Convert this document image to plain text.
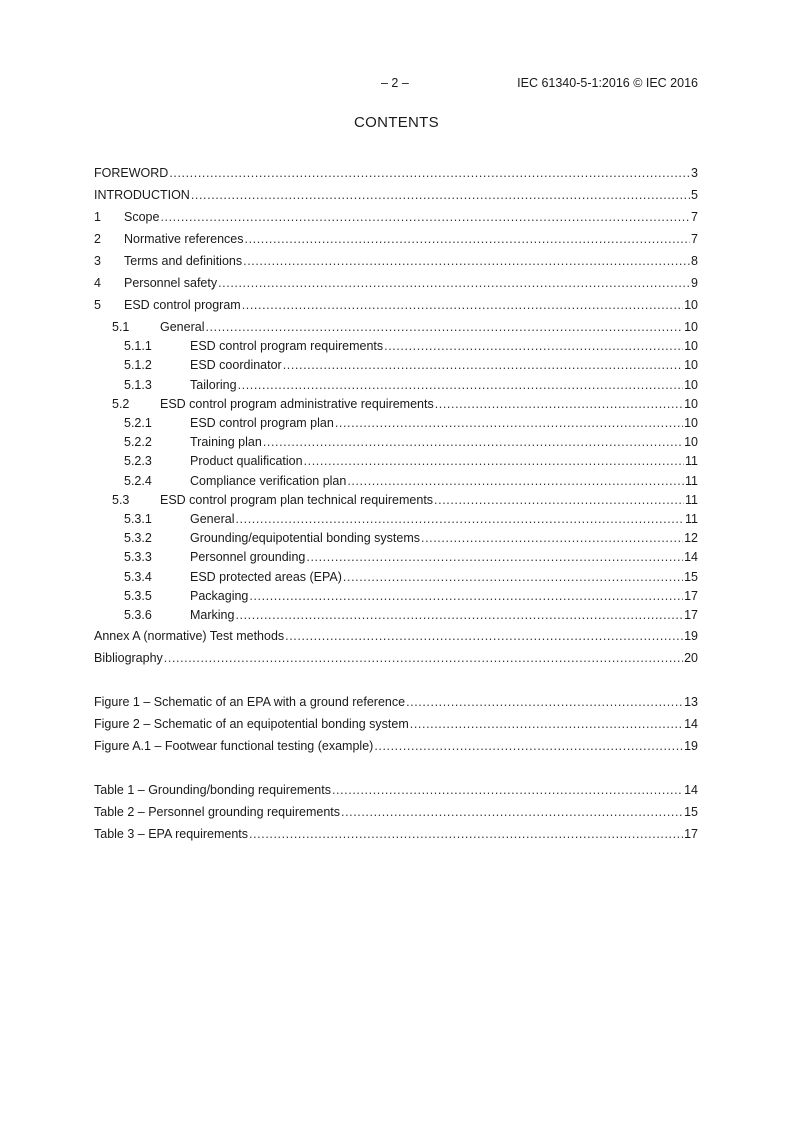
– 2 –	IEC 61340-5-1:2016 © IEC 2016
CONTENTS
FOREWORD .....	3
INTRODUCTION .....	5
1	Scope .....	7
2	Normative references .....	7
3	Terms and definitions .....	8
4	Personnel safety .....	9
5	ESD control program .....	10
5.1	General .....	10
5.1.1	ESD control program requirements .....	10
5.1.2	ESD coordinator .....	10
5.1.3	Tailoring .....	10
5.2	ESD control program administrative requirements .....	10
5.2.1	ESD control program plan .....	10
5.2.2	Training plan .....	10
5.2.3	Product qualification .....	11
5.2.4	Compliance verification plan .....	11
5.3	ESD control program plan technical requirements .....	11
5.3.1	General .....	11
5.3.2	Grounding/equipotential bonding systems .....	12
5.3.3	Personnel grounding .....	14
5.3.4	ESD protected areas (EPA) .....	15
5.3.5	Packaging .....	17
5.3.6	Marking .....	17
Annex A (normative) Test methods .....	19
Bibliography .....	20
Figure 1 – Schematic of an EPA with a ground reference .....	13
Figure 2 – Schematic of an equipotential bonding system .....	14
Figure A.1 – Footwear functional testing (example) .....	19
Table 1 – Grounding/bonding requirements .....	14
Table 2 – Personnel grounding requirements .....	15
Table 3 – EPA requirements .....	17
